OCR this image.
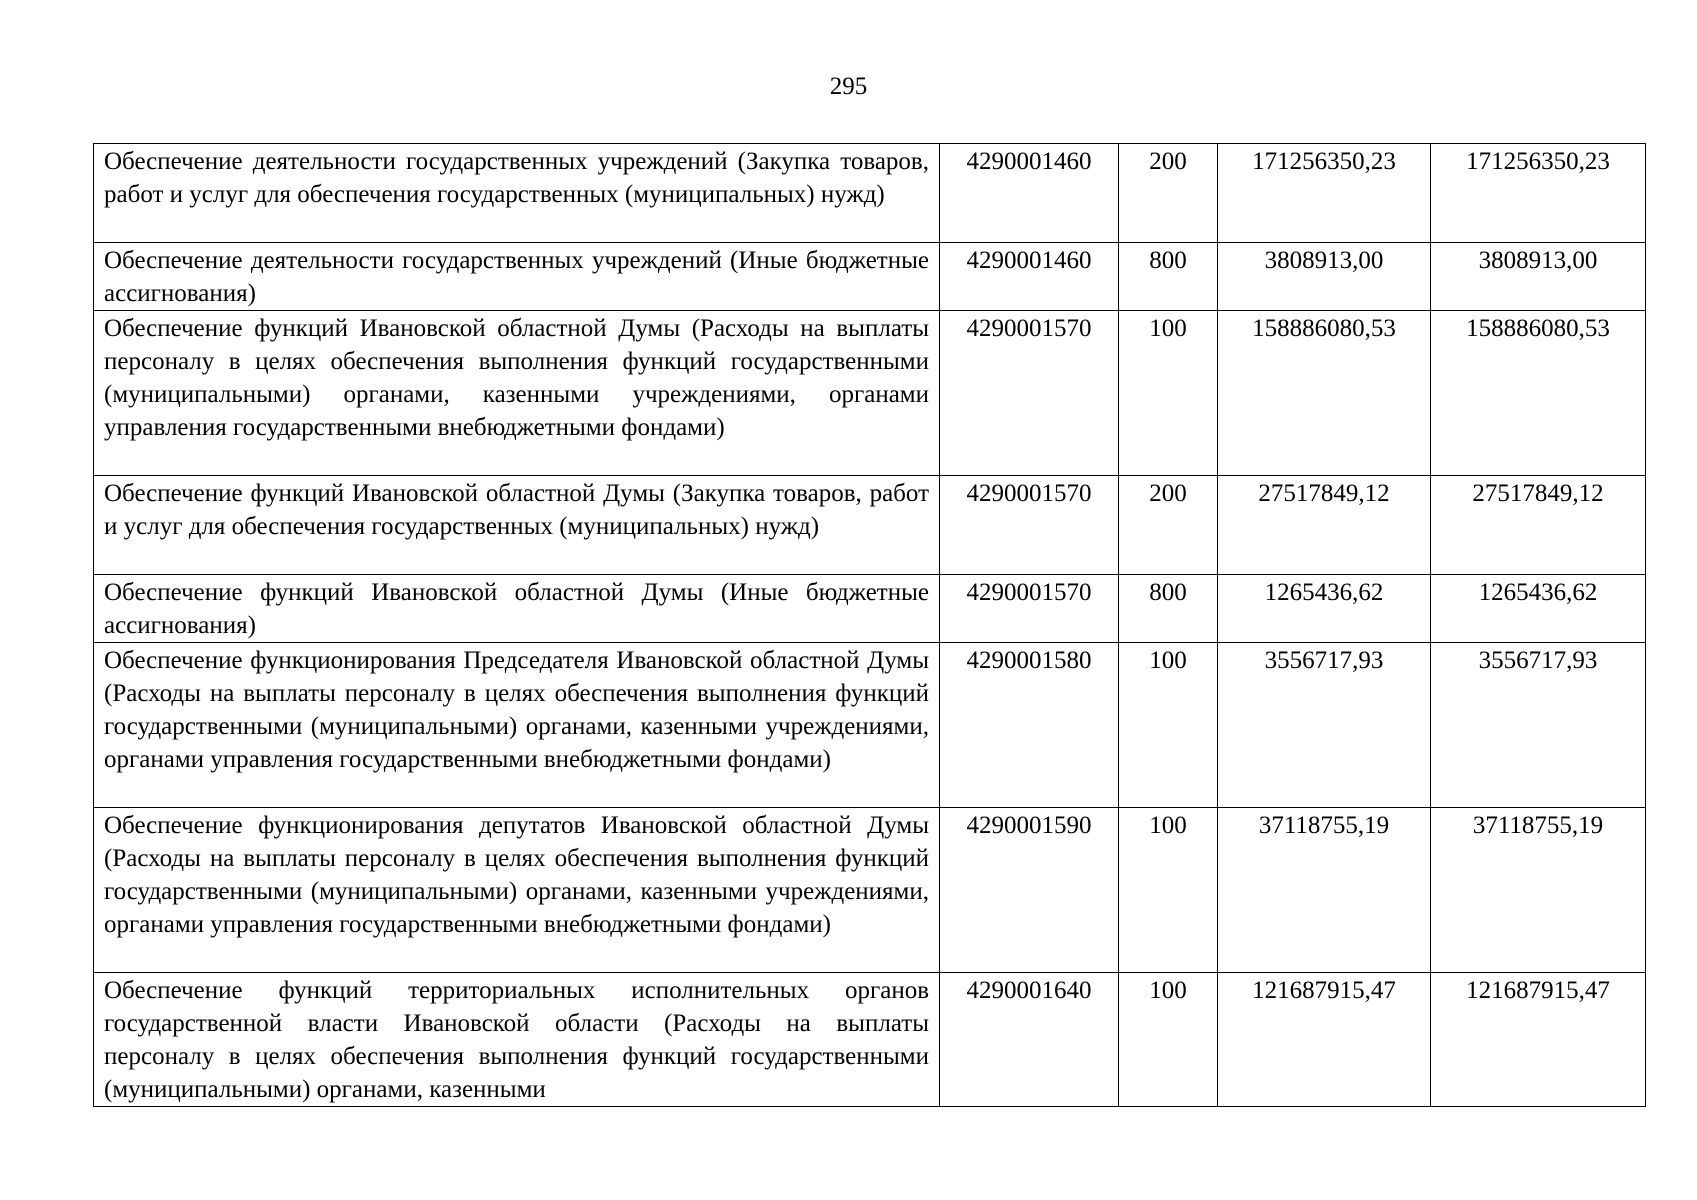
295
Обеспечение деятельности государственных учреждений (Закупка товаров, работ и услуг для обеспечения государственных (муниципальных) нужд)	4290001460	200	171256350,23	171256350,23
Обеспечение деятельности государственных учреждений (Иные бюджетные ассигнования)	4290001460	800	3808913,00	3808913,00
Обеспечение функций Ивановской областной Думы (Расходы на выплаты персоналу в целях обеспечения выполнения функций государственными (муниципальными) органами, казенными учреждениями, органами управления государственными внебюджетными фондами)	4290001570	100	158886080,53	158886080,53
Обеспечение функций Ивановской областной Думы (Закупка товаров, работ и услуг для обеспечения государственных (муниципальных) нужд)	4290001570	200	27517849,12	27517849,12
Обеспечение функций Ивановской областной Думы (Иные бюджетные ассигнования)	4290001570	800	1265436,62	1265436,62
Обеспечение функционирования Председателя Ивановской областной Думы (Расходы на выплаты персоналу в целях обеспечения выполнения функций государственными (муниципальными) органами, казенными учреждениями, органами управления государственными внебюджетными фондами)	4290001580	100	3556717,93	3556717,93
Обеспечение функционирования депутатов Ивановской областной Думы (Расходы на выплаты персоналу в целях обеспечения выполнения функций государственными (муниципальными) органами, казенными учреждениями, органами управления государственными внебюджетными фондами)	4290001590	100	37118755,19	37118755,19
Обеспечение функций территориальных исполнительных органов государственной власти Ивановской области (Расходы на выплаты персоналу в целях обеспечения выполнения функций государственными (муниципальными) органами, казенными	4290001640	100	121687915,47	121687915,47
